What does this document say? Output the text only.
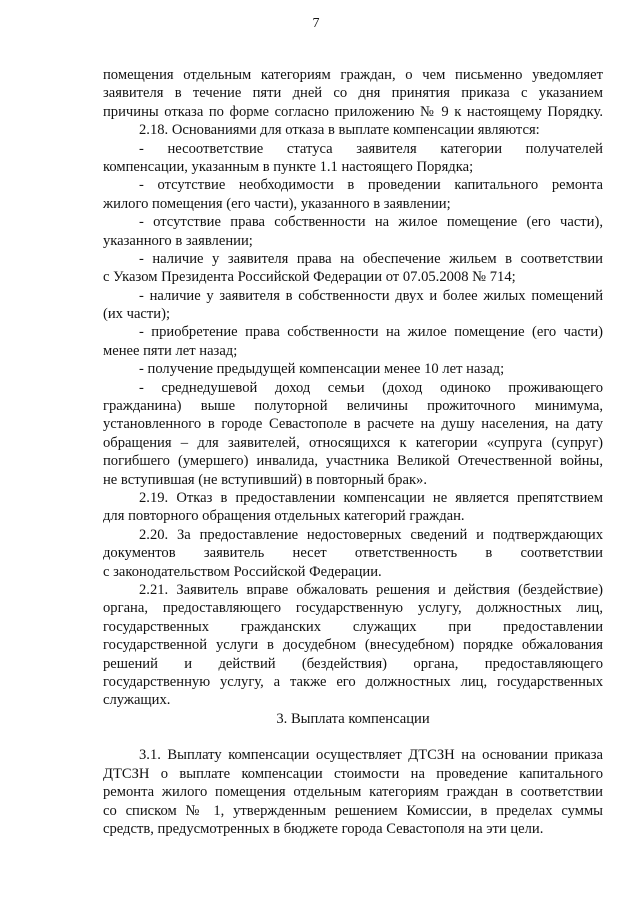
7
помещения отдельным категориям граждан, о чем письменно уведомляет
заявителя в течение пяти дней со дня принятия приказа с указанием
причины отказа по форме согласно приложению № 9 к настоящему Порядку.
2.18. Основаниями для отказа в выплате компенсации являются:
- несоответствие статуса заявителя категории получателей
компенсации, указанным в пункте 1.1 настоящего Порядка;
- отсутствие необходимости в проведении капитального ремонта
жилого помещения (его части), указанного в заявлении;
- отсутствие права собственности на жилое помещение (его части),
указанного в заявлении;
- наличие у заявителя права на обеспечение жильем в соответствии
с Указом Президента Российской Федерации от 07.05.2008 № 714;
- наличие у заявителя в собственности двух и более жилых помещений
(их части);
- приобретение права собственности на жилое помещение (его части)
менее пяти лет назад;
- получение предыдущей компенсации менее 10 лет назад;
- среднедушевой доход семьи (доход одиноко проживающего
гражданина) выше полуторной величины прожиточного минимума,
установленного в городе Севастополе в расчете на душу населения, на дату
обращения – для заявителей, относящихся к категории «супруга (супруг)
погибшего (умершего) инвалида, участника Великой Отечественной войны,
не вступившая (не вступивший) в повторный брак».
2.19. Отказ в предоставлении компенсации не является препятствием
для повторного обращения отдельных категорий граждан.
2.20. За предоставление недостоверных сведений и подтверждающих
документов заявитель несет ответственность в соответствии
с законодательством Российской Федерации.
2.21. Заявитель вправе обжаловать решения и действия (бездействие)
органа, предоставляющего государственную услугу, должностных лиц,
государственных гражданских служащих при предоставлении
государственной услуги в досудебном (внесудебном) порядке обжалования
решений и действий (бездействия) органа, предоставляющего
государственную услугу, а также его должностных лиц, государственных
служащих.
3. Выплата компенсации
3.1. Выплату компенсации осуществляет ДТСЗН на основании приказа
ДТСЗН о выплате компенсации стоимости на проведение капитального
ремонта жилого помещения отдельным категориям граждан в соответствии
со списком № 1, утвержденным решением Комиссии, в пределах суммы
средств, предусмотренных в бюджете города Севастополя на эти цели.
